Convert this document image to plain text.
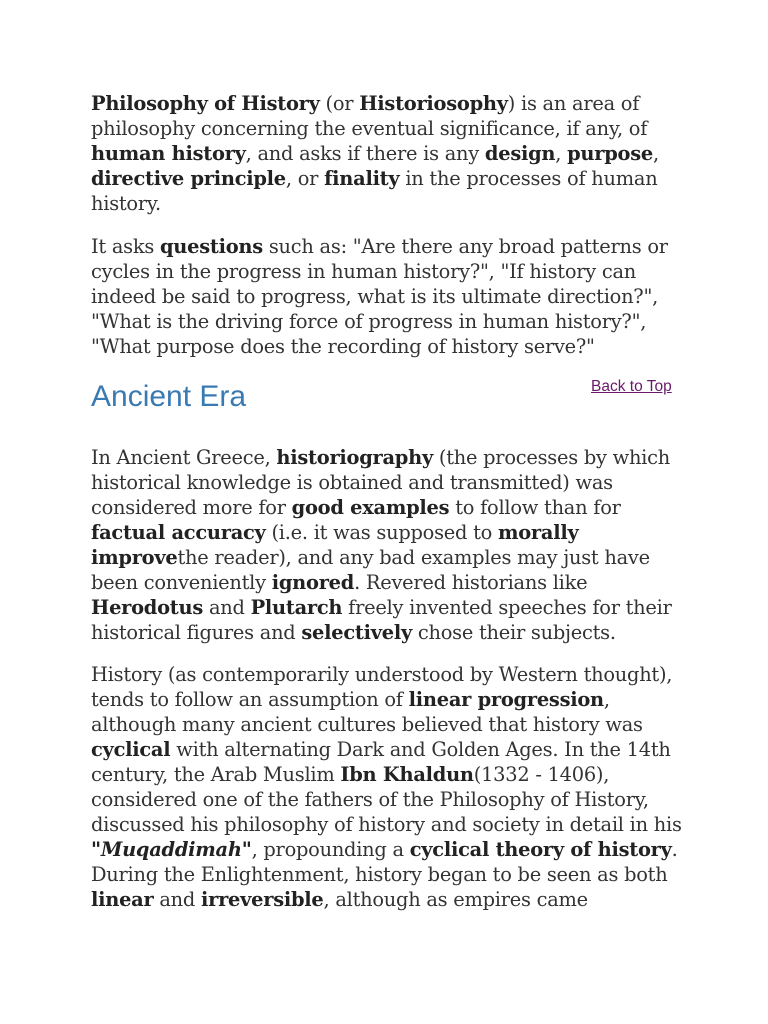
Philosophy of History (or Historiosophy) is an area of philosophy concerning the eventual significance, if any, of human history, and asks if there is any design, purpose, directive principle, or finality in the processes of human history.

It asks questions such as: "Are there any broad patterns or cycles in the progress in human history?", "If history can indeed be said to progress, what is its ultimate direction?", "What is the driving force of progress in human history?", "What purpose does the recording of history serve?"

Ancient Era	Back to Top

In Ancient Greece, historiography (the processes by which historical knowledge is obtained and transmitted) was considered more for good examples to follow than for factual accuracy (i.e. it was supposed to morally improvethe reader), and any bad examples may just have been conveniently ignored. Revered historians like Herodotus and Plutarch freely invented speeches for their historical figures and selectively chose their subjects.

History (as contemporarily understood by Western thought), tends to follow an assumption of linear progression, although many ancient cultures believed that history was cyclical with alternating Dark and Golden Ages. In the 14th century, the Arab Muslim Ibn Khaldun(1332 - 1406), considered one of the fathers of the Philosophy of History, discussed his philosophy of history and society in detail in his "Muqaddimah", propounding a cyclical theory of history. During the Enlightenment, history began to be seen as both linear and irreversible, although as empires came
